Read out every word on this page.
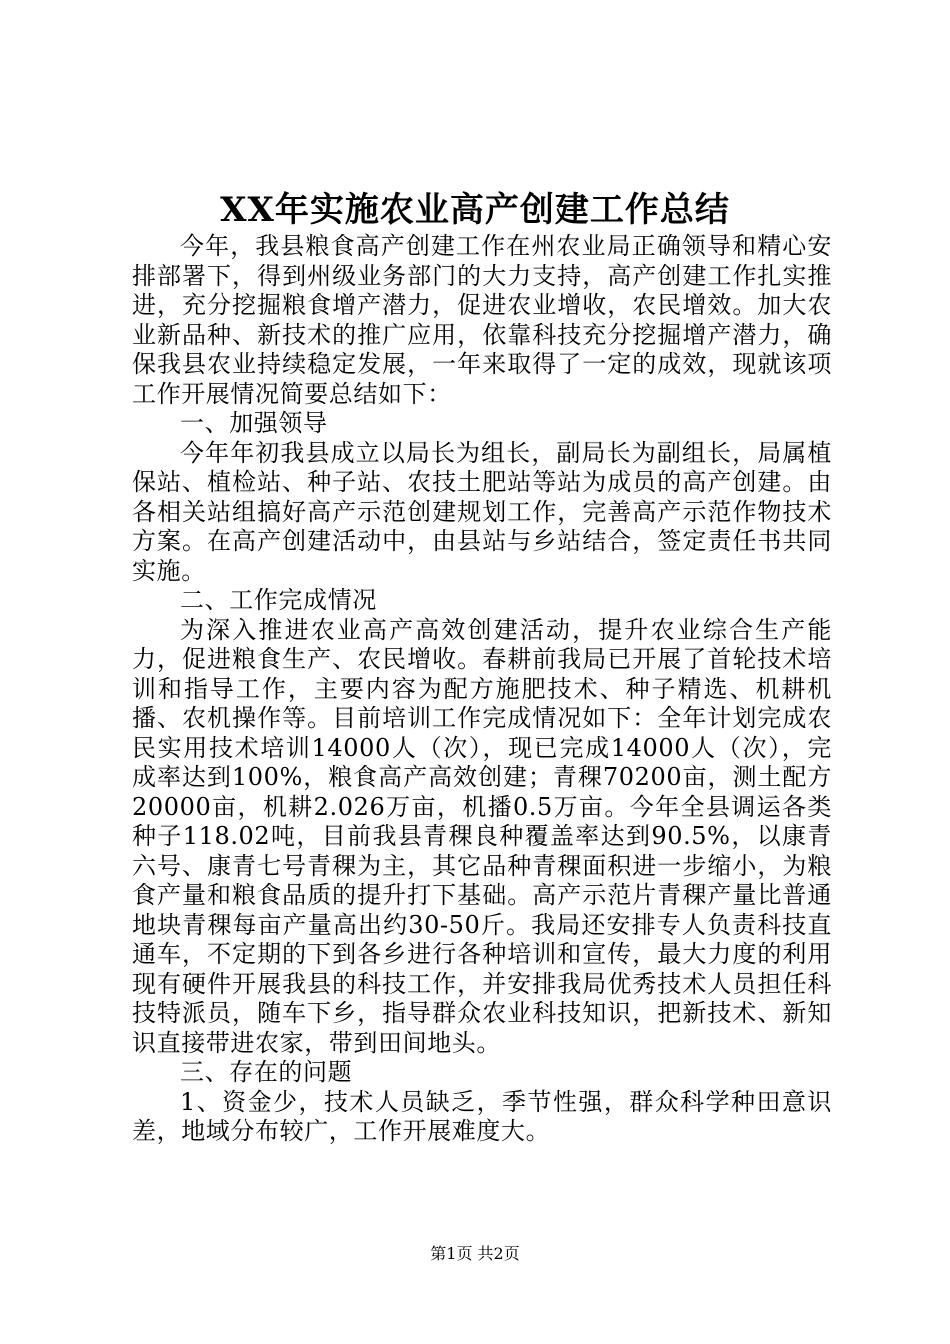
XX年实施农业高产创建工作总结

今年，我县粮食高产创建工作在州农业局正确领导和精心安排部署下，得到州级业务部门的大力支持，高产创建工作扎实推进，充分挖掘粮食增产潜力，促进农业增收，农民增效。加大农业新品种、新技术的推广应用，依靠科技充分挖掘增产潜力，确保我县农业持续稳定发展，一年来取得了一定的成效，现就该项工作开展情况简要总结如下：

一、加强领导

今年年初我县成立以局长为组长，副局长为副组长，局属植保站、植检站、种子站、农技土肥站等站为成员的高产创建。由各相关站组搞好高产示范创建规划工作，完善高产示范作物技术方案。在高产创建活动中，由县站与乡站结合，签定责任书共同实施。

二、工作完成情况

为深入推进农业高产高效创建活动，提升农业综合生产能力，促进粮食生产、农民增收。春耕前我局已开展了首轮技术培训和指导工作，主要内容为配方施肥技术、种子精选、机耕机播、农机操作等。目前培训工作完成情况如下：全年计划完成农民实用技术培训14000人（次），现已完成14000人（次），完成率达到100%，粮食高产高效创建；青稞70200亩，测土配方20000亩，机耕2.026万亩，机播0.5万亩。今年全县调运各类种子118.02吨，目前我县青稞良种覆盖率达到90.5%，以康青六号、康青七号青稞为主，其它品种青稞面积进一步缩小，为粮食产量和粮食品质的提升打下基础。高产示范片青稞产量比普通地块青稞每亩产量高出约30-50斤。我局还安排专人负责科技直通车，不定期的下到各乡进行各种培训和宣传，最大力度的利用现有硬件开展我县的科技工作，并安排我局优秀技术人员担任科技特派员，随车下乡，指导群众农业科技知识，把新技术、新知识直接带进农家，带到田间地头。

三、存在的问题

1、资金少，技术人员缺乏，季节性强，群众科学种田意识差，地域分布较广，工作开展难度大。

第1页 共2页
